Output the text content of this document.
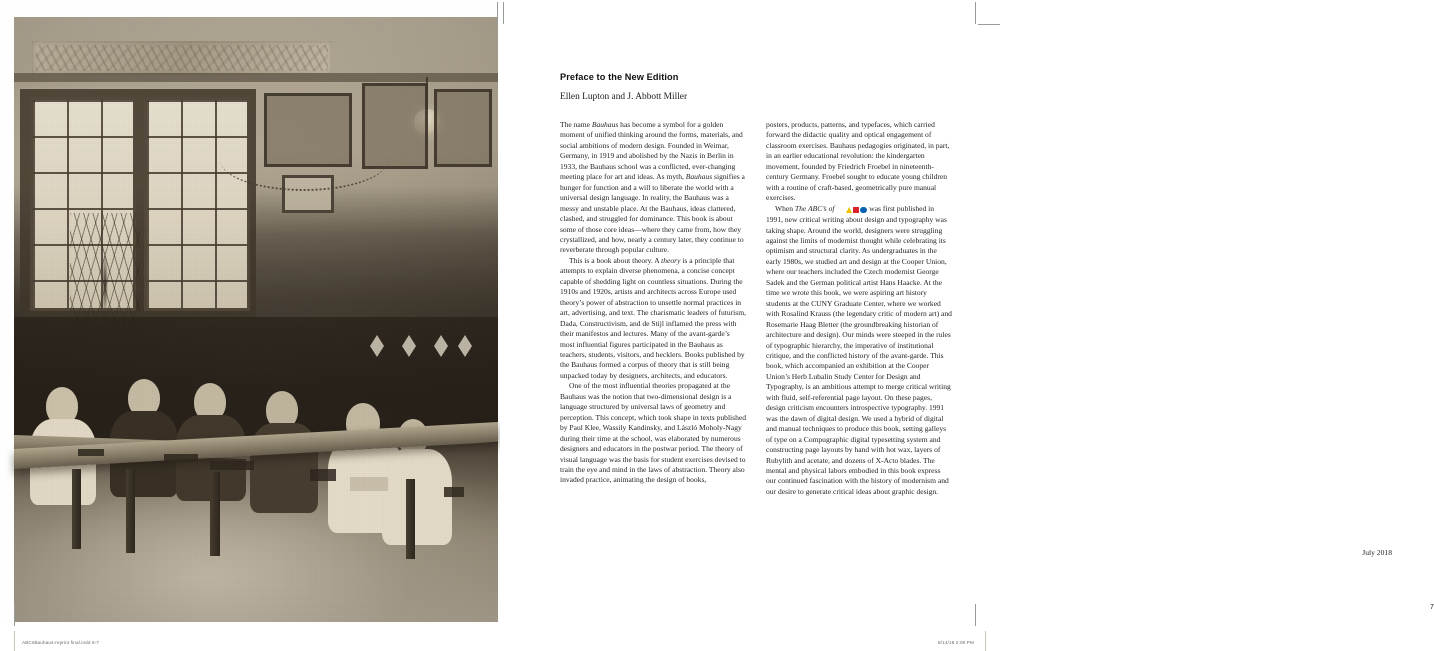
Preface to the New Edition
Ellen Lupton and J. Abbott Miller

The name Bauhaus has become a symbol for a golden moment of unified thinking around the forms, materials, and social ambitions of modern design. Founded in Weimar, Germany, in 1919 and abolished by the Nazis in Berlin in 1933, the Bauhaus school was a conflicted, ever-changing meeting place for art and ideas. As myth, Bauhaus signifies a hunger for function and a will to liberate the world with a universal design language. In reality, the Bauhaus was a messy and unstable place. At the Bauhaus, ideas clattered, clashed, and struggled for dominance. This book is about some of those core ideas—where they came from, how they crystallized, and how, nearly a century later, they continue to reverberate through popular culture.

This is a book about theory. A theory is a principle that attempts to explain diverse phenomena, a concise concept capable of shedding light on countless situations. During the 1910s and 1920s, artists and architects across Europe used theory’s power of abstraction to unsettle normal practices in art, advertising, and text. The charismatic leaders of futurism, Dada, Constructivism, and de Stijl inflamed the press with their manifestos and lectures. Many of the avant-garde’s most influential figures participated in the Bauhaus as teachers, students, visitors, and hecklers. Books published by the Bauhaus formed a corpus of theory that is still being unpacked today by designers, architects, and educators.

One of the most influential theories propagated at the Bauhaus was the notion that two-dimensional design is a language structured by universal laws of geometry and perception. This concept, which took shape in texts published by Paul Klee, Wassily Kandinsky, and László Moholy-Nagy during their time at the school, was elaborated by numerous designers and educators in the postwar period. The theory of visual language was the basis for student exercises devised to train the eye and mind in the laws of abstraction. Theory also invaded practice, animating the design of books,

posters, products, patterns, and typefaces, which carried forward the didactic quality and optical engagement of classroom exercises. Bauhaus pedagogies originated, in part, in an earlier educational revolution: the kindergarten movement, founded by Friedrich Froebel in nineteenth-century Germany. Froebel sought to educate young children with a routine of craft-based, geometrically pure manual exercises.

When The ABC’s of	was first published in 1991, new critical writing about design and typography was taking shape. Around the world, designers were struggling against the limits of modernist thought while celebrating its optimism and structural clarity. As undergraduates in the early 1980s, we studied art and design at the Cooper Union, where our teachers included the Czech modernist George Sadek and the German political artist Hans Haacke. At the time we wrote this book, we were aspiring art history students at the CUNY Graduate Center, where we worked with Rosalind Krauss (the legendary critic of modern art) and Rosemarie Haag Bletter (the groundbreaking historian of architecture and design). Our minds were steeped in the rules of typographic hierarchy, the imperative of institutional critique, and the conflicted history of the avant-garde. This book, which accompanied an exhibition at the Cooper Union’s Herb Lubalin Study Center for Design and Typography, is an ambitious attempt to merge critical writing with fluid, self-referential page layout. On these pages, design criticism encounters introspective typography. 1991 was the dawn of digital design. We used a hybrid of digital and manual techniques to produce this book, setting galleys of type on a Compugraphic digital typesetting system and constructing page layouts by hand with hot wax, layers of Rubylith and acetate, and dozens of X-Acto blades. The mental and physical labors embodied in this book express our continued fascination with the history of modernism and our desire to generate critical ideas about graphic design.

July 2018
7
ABCsBauhaus-reprint final.indd 6-7	8/14/18 2:00 PM
